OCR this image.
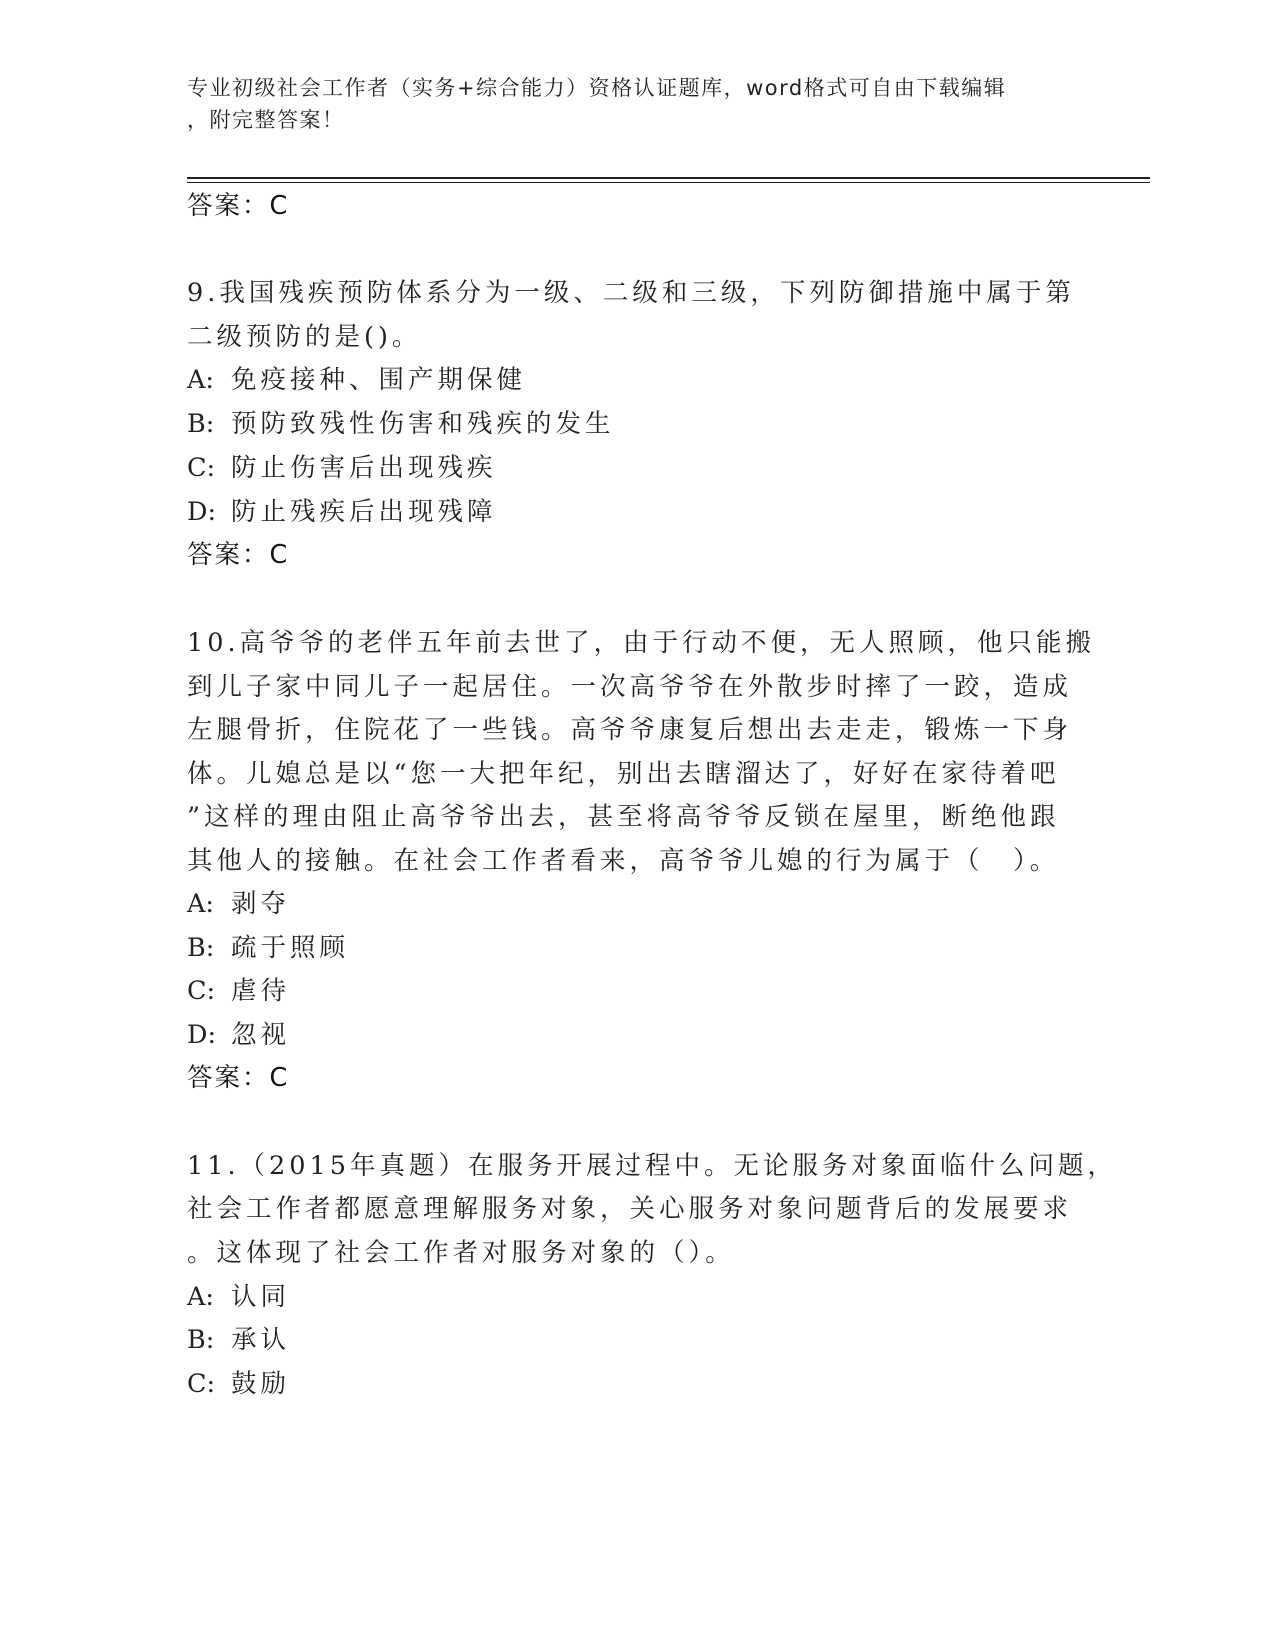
专业初级社会工作者（实务+综合能力）资格认证题库，word格式可自由下载编辑
，附完整答案！
答案：C
9.我国残疾预防体系分为一级、二级和三级，下列防御措施中属于第
二级预防的是()。
A: 免疫接种、围产期保健
B: 预防致残性伤害和残疾的发生
C: 防止伤害后出现残疾
D: 防止残疾后出现残障
答案：C
10.高爷爷的老伴五年前去世了，由于行动不便，无人照顾，他只能搬
到儿子家中同儿子一起居住。一次高爷爷在外散步时摔了一跤，造成
左腿骨折，住院花了一些钱。高爷爷康复后想出去走走，锻炼一下身
体。儿媳总是以“您一大把年纪，别出去瞎溜达了，好好在家待着吧
”这样的理由阻止高爷爷出去，甚至将高爷爷反锁在屋里，断绝他跟
其他人的接触。在社会工作者看来，高爷爷儿媳的行为属于（　）。
A: 剥夺
B: 疏于照顾
C: 虐待
D: 忽视
答案：C
11.（2015年真题）在服务开展过程中。无论服务对象面临什么问题，
社会工作者都愿意理解服务对象，关心服务对象问题背后的发展要求
。这体现了社会工作者对服务对象的（）。
A: 认同
B: 承认
C: 鼓励
